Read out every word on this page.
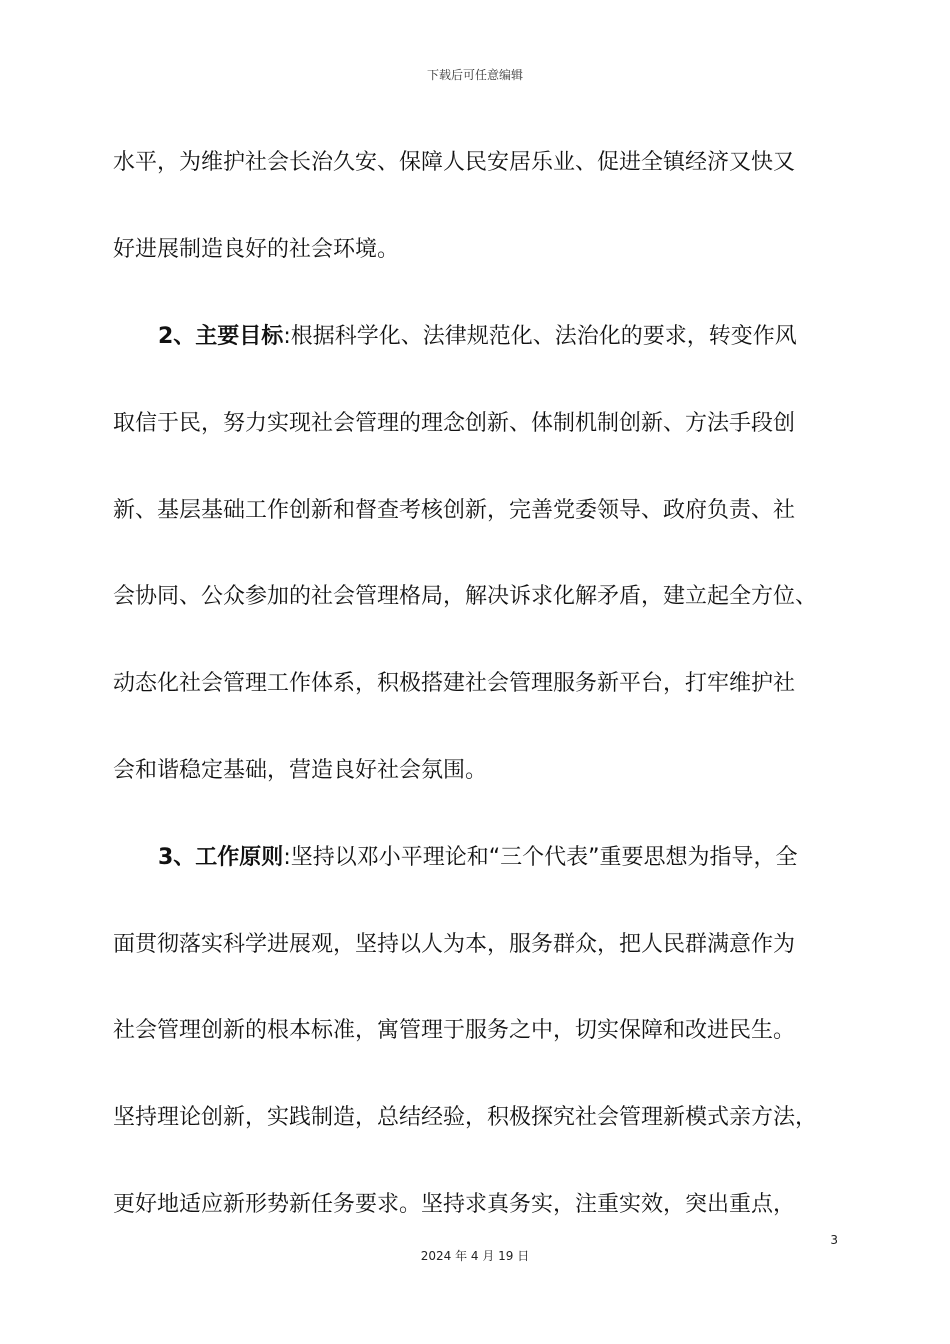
下载后可任意编辑
水平，为维护社会长治久安、保障人民安居乐业、促进全镇经济又快又
好进展制造良好的社会环境。
2、主要目标:根据科学化、法律规范化、法治化的要求，转变作风
取信于民，努力实现社会管理的理念创新、体制机制创新、方法手段创
新、基层基础工作创新和督查考核创新，完善党委领导、政府负责、社
会协同、公众参加的社会管理格局，解决诉求化解矛盾，建立起全方位、
动态化社会管理工作体系，积极搭建社会管理服务新平台，打牢维护社
会和谐稳定基础，营造良好社会氛围。
3、工作原则:坚持以邓小平理论和“三个代表”重要思想为指导，全
面贯彻落实科学进展观，坚持以人为本，服务群众，把人民群满意作为
社会管理创新的根本标准，寓管理于服务之中，切实保障和改进民生。
坚持理论创新，实践制造，总结经验，积极探究社会管理新模式亲方法，
更好地适应新形势新任务要求。坚持求真务实，注重实效，突出重点，
3
2024 年 4 月 19 日
